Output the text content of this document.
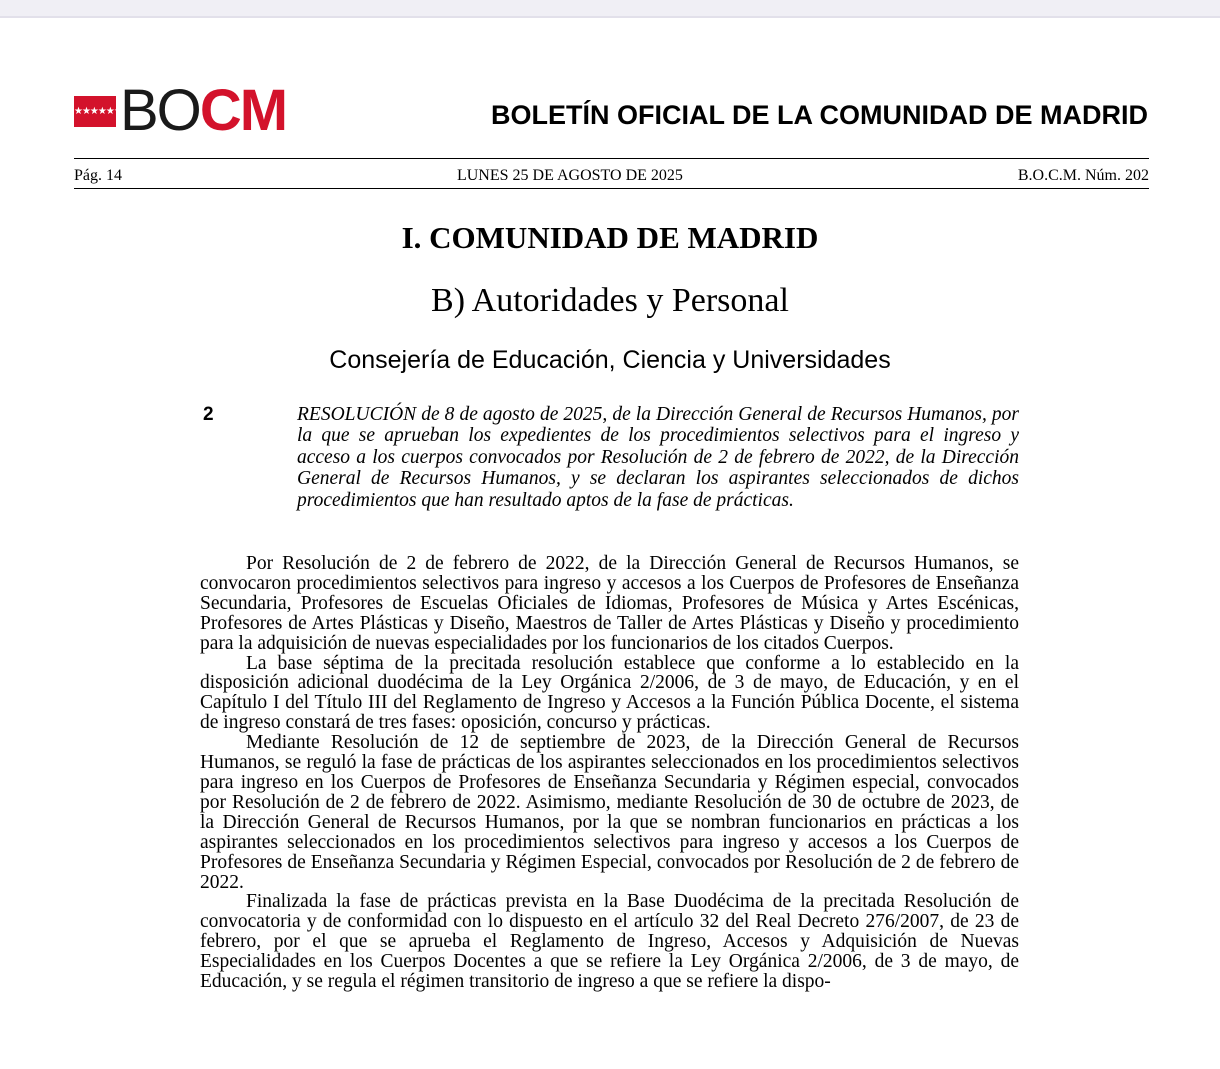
★★★★★★★
BOCM	BOLETÍN OFICIAL DE LA COMUNIDAD DE MADRID
Pág. 14	LUNES 25 DE AGOSTO DE 2025	B.O.C.M. Núm. 202
I. COMUNIDAD DE MADRID
B) Autoridades y Personal
Consejería de Educación, Ciencia y Universidades
2	RESOLUCIÓN de 8 de agosto de 2025, de la Dirección General de Recursos Humanos, por la que se aprueban los expedientes de los procedimientos selectivos para el ingreso y acceso a los cuerpos convocados por Resolución de 2 de febrero de 2022, de la Dirección General de Recursos Humanos, y se declaran los aspirantes seleccionados de dichos procedimientos que han resultado aptos de la fase de prácticas.

Por Resolución de 2 de febrero de 2022, de la Dirección General de Recursos Humanos, se convocaron procedimientos selectivos para ingreso y accesos a los Cuerpos de Profesores de Enseñanza Secundaria, Profesores de Escuelas Oficiales de Idiomas, Profesores de Música y Artes Escénicas, Profesores de Artes Plásticas y Diseño, Maestros de Taller de Artes Plásticas y Diseño y procedimiento para la adquisición de nuevas especialidades por los funcionarios de los citados Cuerpos.

La base séptima de la precitada resolución establece que conforme a lo establecido en la disposición adicional duodécima de la Ley Orgánica 2/2006, de 3 de mayo, de Educación, y en el Capítulo I del Título III del Reglamento de Ingreso y Accesos a la Función Pública Docente, el sistema de ingreso constará de tres fases: oposición, concurso y prácticas.

Mediante Resolución de 12 de septiembre de 2023, de la Dirección General de Recursos Humanos, se reguló la fase de prácticas de los aspirantes seleccionados en los procedimientos selectivos para ingreso en los Cuerpos de Profesores de Enseñanza Secundaria y Régimen especial, convocados por Resolución de 2 de febrero de 2022. Asimismo, mediante Resolución de 30 de octubre de 2023, de la Dirección General de Recursos Humanos, por la que se nombran funcionarios en prácticas a los aspirantes seleccionados en los procedimientos selectivos para ingreso y accesos a los Cuerpos de Profesores de Enseñanza Secundaria y Régimen Especial, convocados por Resolución de 2 de febrero de 2022.

Finalizada la fase de prácticas prevista en la Base Duodécima de la precitada Resolución de convocatoria y de conformidad con lo dispuesto en el artículo 32 del Real Decreto 276/2007, de 23 de febrero, por el que se aprueba el Reglamento de Ingreso, Accesos y Adquisición de Nuevas Especialidades en los Cuerpos Docentes a que se refiere la Ley Orgánica 2/2006, de 3 de mayo, de Educación, y se regula el régimen transitorio de ingreso a que se refiere la dispo-
